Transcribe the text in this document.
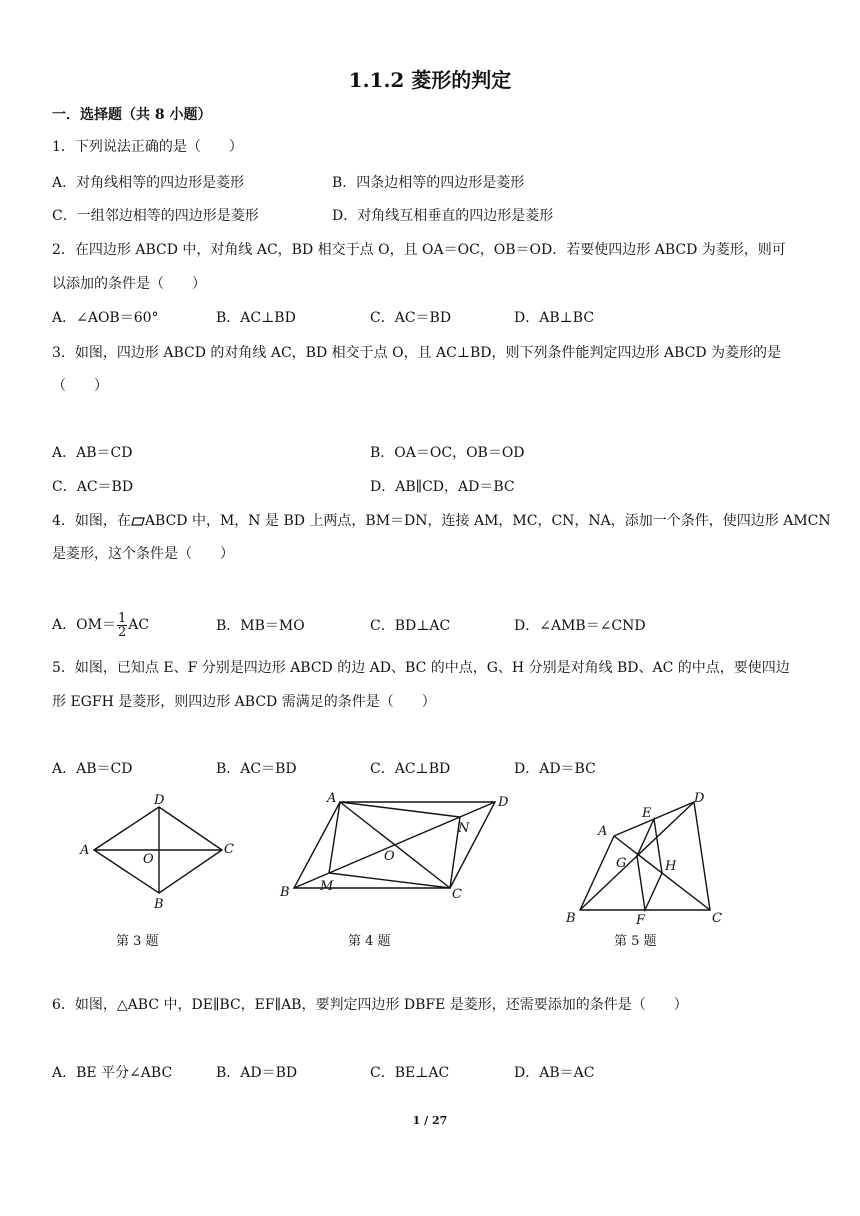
1.1.2 菱形的判定
一．选择题（共 8 小题）
1．下列说法正确的是（　　）
A．对角线相等的四边形是菱形	B．四条边相等的四边形是菱形
C．一组邻边相等的四边形是菱形	D．对角线互相垂直的四边形是菱形
2．在四边形 ABCD 中，对角线 AC，BD 相交于点 O，且 OA＝OC，OB＝OD．若要使四边形 ABCD 为菱形，则可
以添加的条件是（　　）
A．∠AOB＝60°	B．AC⊥BD	C．AC＝BD	D．AB⊥BC
3．如图，四边形 ABCD 的对角线 AC，BD 相交于点 O，且 AC⊥BD，则下列条件能判定四边形 ABCD 为菱形的是
（　　）
A．AB＝CD	B．OA＝OC，OB＝OD
C．AC＝BD	D．AB∥CD，AD＝BC
4．如图，在 ABCD 中，M，N 是 BD 上两点，BM＝DN，连接 AM，MC，CN，NA，添加一个条件，使四边形 AMCN
是菱形，这个条件是（　　）
A．$OM= \frac{1}{2}$ AC	B．MB＝MO	C．BD⊥AC	D．∠AMB＝∠CND
5．如图，已知点 E、F 分别是四边形 ABCD 的边 AD、BC 的中点，G、H 分别是对角线 BD、AC 的中点，要使四边
形 EGFH 是菱形，则四边形 ABCD 需满足的条件是（　　）
A．AB＝CD	B．AC＝BD	C．AC⊥BD	D．AD＝BC
A
D
C
B
O
第 3 题
A	D
B	C
O
M
N
第 4 题
A
D
E
G	H
B	F	C
第 5 题
6．如图，△ABC 中，DE∥BC，EF∥AB，要判定四边形 DBFE 是菱形，还需要添加的条件是（　　）
A．BE 平分∠ABC	B．AD＝BD	C．BE⊥AC	D．AB＝AC
1 / 27
